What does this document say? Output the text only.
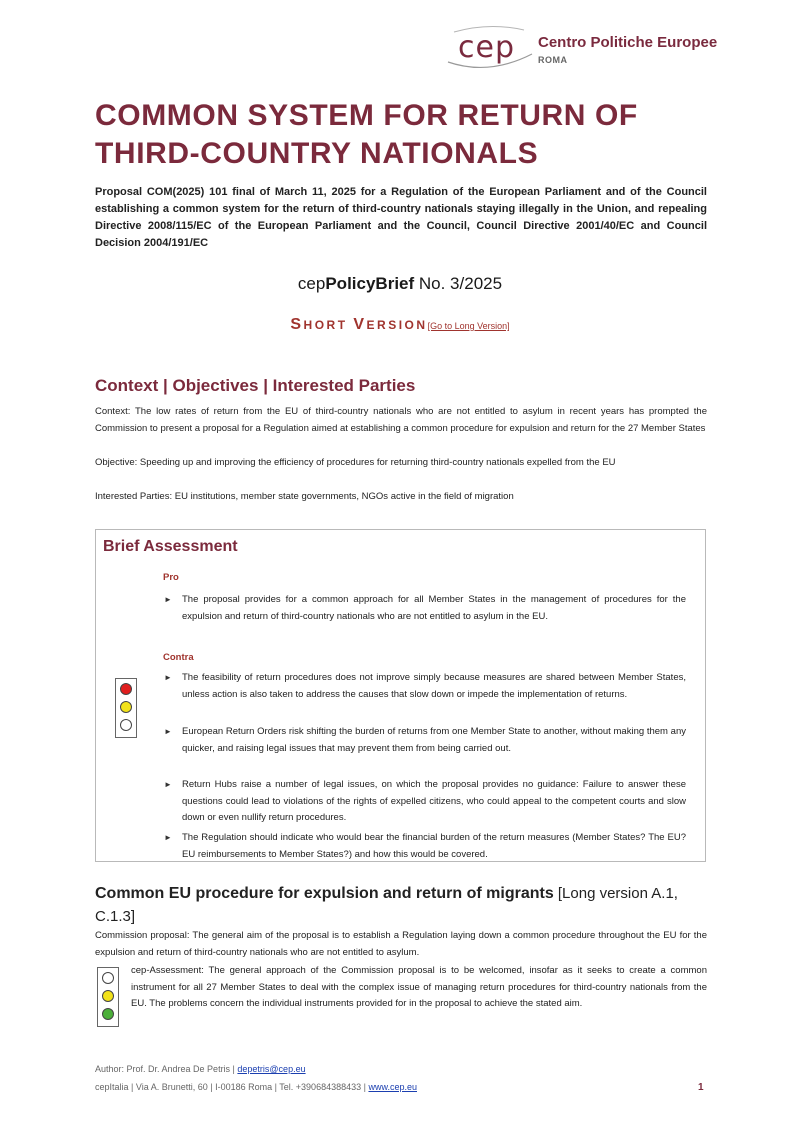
cep Centro Politiche Europee
ROMA
COMMON SYSTEM FOR RETURN OF
THIRD-COUNTRY NATIONALS
Proposal COM(2025) 101 final of March 11, 2025 for a Regulation of the European Parliament and of the Council establishing a common system for the return of third-country nationals staying illegally in the Union, and repealing Directive 2008/115/EC of the European Parliament and the Council, Council Directive 2001/40/EC and Council Decision 2004/191/EC
cepPolicyBrief No. 3/2025
SHORT VERSION[Go to Long Version]
Context | Objectives | Interested Parties
Context: The low rates of return from the EU of third-country nationals who are not entitled to asylum in recent years has prompted the Commission to present a proposal for a Regulation aimed at establishing a common procedure for expulsion and return for the 27 Member States
Objective: Speeding up and improving the efficiency of procedures for returning third-country nationals expelled from the EU
Interested Parties: EU institutions, member state governments, NGOs active in the field of migration
Brief Assessment
Pro
► The proposal provides for a common approach for all Member States in the management of procedures for the expulsion and return of third-country nationals who are not entitled to asylum in the EU.
Contra
► The feasibility of return procedures does not improve simply because measures are shared between Member States, unless action is also taken to address the causes that slow down or impede the implementation of returns.
► European Return Orders risk shifting the burden of returns from one Member State to another, without making them any quicker, and raising legal issues that may prevent them from being carried out.
► Return Hubs raise a number of legal issues, on which the proposal provides no guidance: Failure to answer these questions could lead to violations of the rights of expelled citizens, who could appeal to the competent courts and slow down or even nullify return procedures.
► The Regulation should indicate who would bear the financial burden of the return measures (Member States? The EU? EU reimbursements to Member States?) and how this would be covered.
Common EU procedure for expulsion and return of migrants [Long version A.1, C.1.3]
Commission proposal: The general aim of the proposal is to establish a Regulation laying down a common procedure throughout the EU for the expulsion and return of third-country nationals who are not entitled to asylum.
cep-Assessment: The general approach of the Commission proposal is to be welcomed, insofar as it seeks to create a common instrument for all 27 Member States to deal with the complex issue of managing return procedures for third-country nationals from the EU. The problems concern the individual instruments provided for in the proposal to achieve the stated aim.
Author: Prof. Dr. Andrea De Petris | depetris@cep.eu
cepItalia | Via A. Brunetti, 60 | I-00186 Roma | Tel. +390684388433 | www.cep.eu	1
